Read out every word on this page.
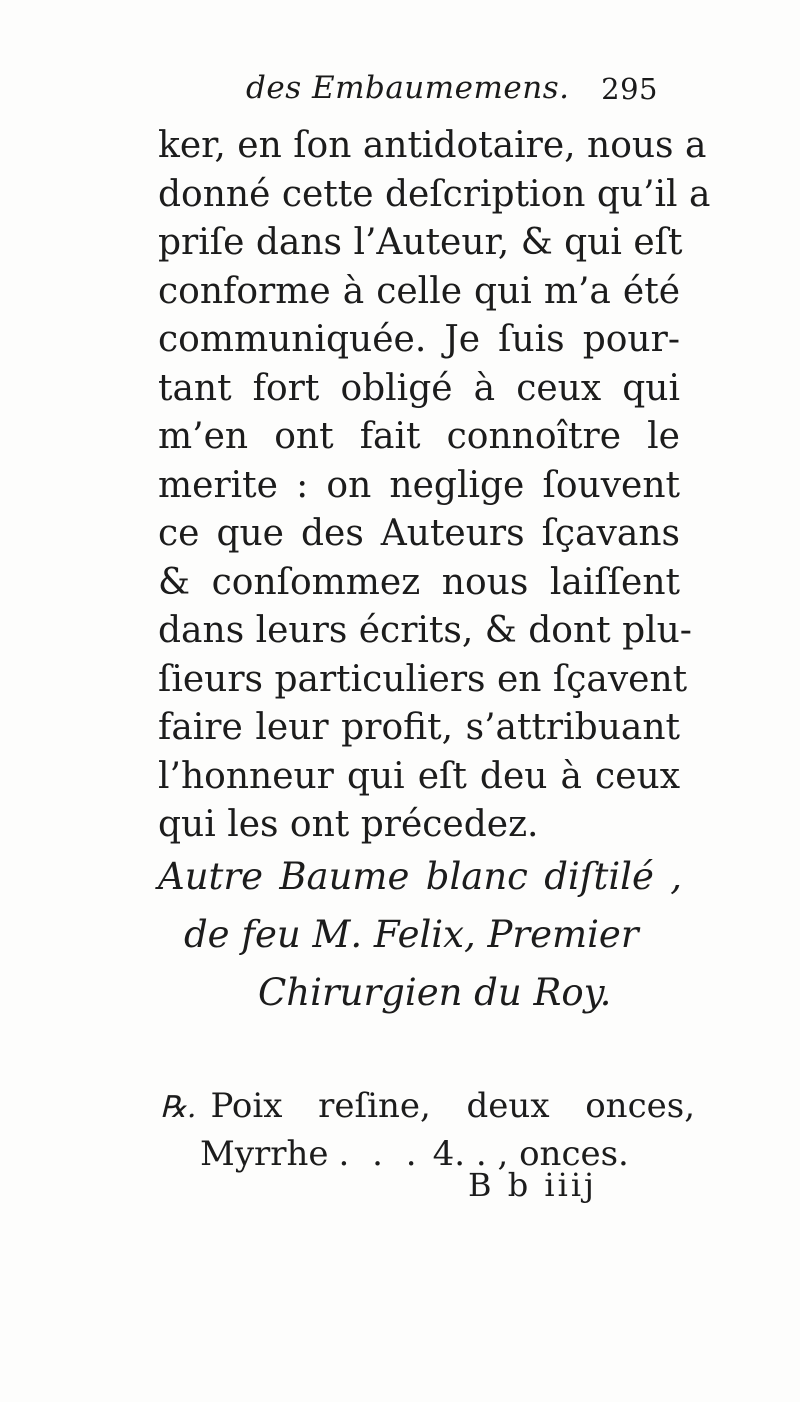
des Embaumemens. 295
ker, en ſon antidotaire, nous a
donné cette deſcription qu’il a
priſe dans l’Auteur, & qui eſt
conforme à celle qui m’a été
communiquée. Je ſuis pour-
tant fort obligé à ceux qui
m’en ont fait connoître le
merite : on neglige ſouvent
ce que des Auteurs ſçavans
& conſommez nous laiſſent
dans leurs écrits, & dont plu-
ſieurs particuliers en ſçavent
faire leur profit, s’attribuant
l’honneur qui eſt deu à ceux
qui les ont précedez.
Autre Baume blanc diſtilé ,
de feu M. Felix, Premier
Chirurgien du Roy.
℞. Poix reſine, deux onces,
Myrrhe . . . 4. . , onces.
B b iiij
